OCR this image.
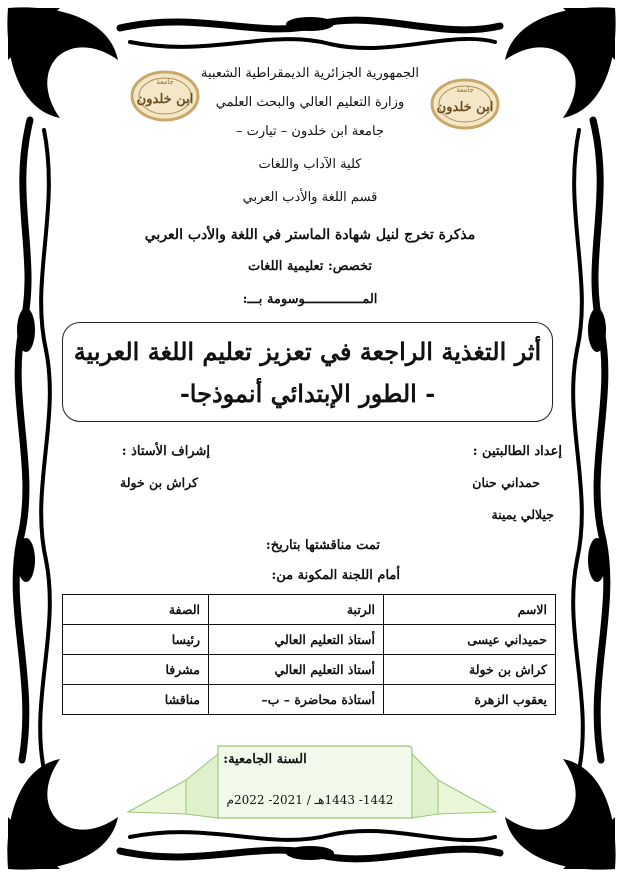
جامعة
ابن خلدون
جامعة
ابن خلدون
الجمهورية الجزائرية الديمقراطية الشعبية
وزارة التعليم العالي والبحث العلمي
جامعة ابن خلدون – تيارت –
كلية الآداب واللغات
قسم اللغة والأدب العربي
مذكرة تخرج لنيل شهادة الماستر في اللغة والأدب العربي
تخصص: تعليمية اللغات
المـــــــــــــــوسومة بـــ:
أثر التغذية الراجعة في تعزيز تعليم اللغة العربية
- الطور الإبتدائي أنموذجا-
إعداد الطالبتين :
حمداني حنان
جيلالي يمينة
إشراف الأستاذ :
كراش بن خولة
تمت مناقشتها بتاريخ:
أمام اللجنة المكونة من:
الاسم	الرتبة	الصفة
حميداني عيسى	أستاذ التعليم العالي	رئيسا
كراش بن خولة	أستاذ التعليم العالي	مشرفا
يعقوب الزهرة	أستاذة محاضرة – ب–	مناقشا
السنة الجامعية:
1442- 1443هـ / 2021- 2022م
